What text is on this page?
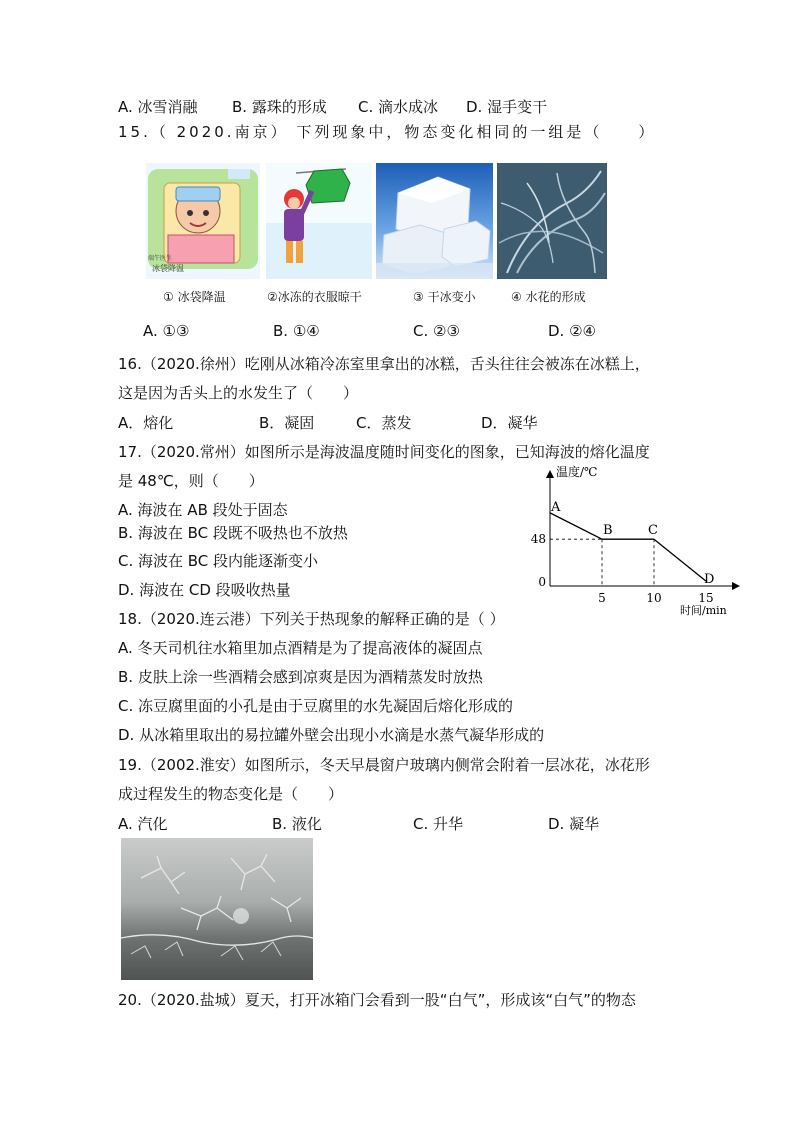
A. 冰雪消融 B. 露珠的形成 C. 滴水成冰 D. 湿手变干
15.（ 2020.南京） 下列现象中，物态变化相同的一组是（　　）
冰袋降温
端午医生
① 冰袋降温	②冰冻的衣服晾干	③ 干冰变小	④ 水花的形成
A. ①③	B. ①④	C. ②③	D. ②④
16.（2020.徐州）吃刚从冰箱冷冻室里拿出的冰糕，舌头往往会被冻在冰糕上，
这是因为舌头上的水发生了（　　）
A．熔化	B．凝固	C．蒸发	D．凝华
17.（2020.常州）如图所示是海波温度随时间变化的图象，已知海波的熔化温度
是 48℃，则（　　）
A. 海波在 AB 段处于固态
B. 海波在 BC 段既不吸热也不放热
C. 海波在 BC 段内能逐渐变小
D. 海波在 CD 段吸收热量
温度/℃
时间/min
A
B	C
D
48
0
5	10	15
18.（2020.连云港）下列关于热现象的解释正确的是（ ）
A. 冬天司机往水箱里加点酒精是为了提高液体的凝固点
B. 皮肤上涂一些酒精会感到凉爽是因为酒精蒸发时放热
C. 冻豆腐里面的小孔是由于豆腐里的水先凝固后熔化形成的
D. 从冰箱里取出的易拉罐外壁会出现小水滴是水蒸气凝华形成的
19.（2002.淮安）如图所示，冬天早晨窗户玻璃内侧常会附着一层冰花，冰花形
成过程发生的物态变化是（　　）
A. 汽化	B. 液化	C. 升华	D. 凝华
20.（2020.盐城）夏天，打开冰箱门会看到一股“白气”，形成该“白气”的物态
